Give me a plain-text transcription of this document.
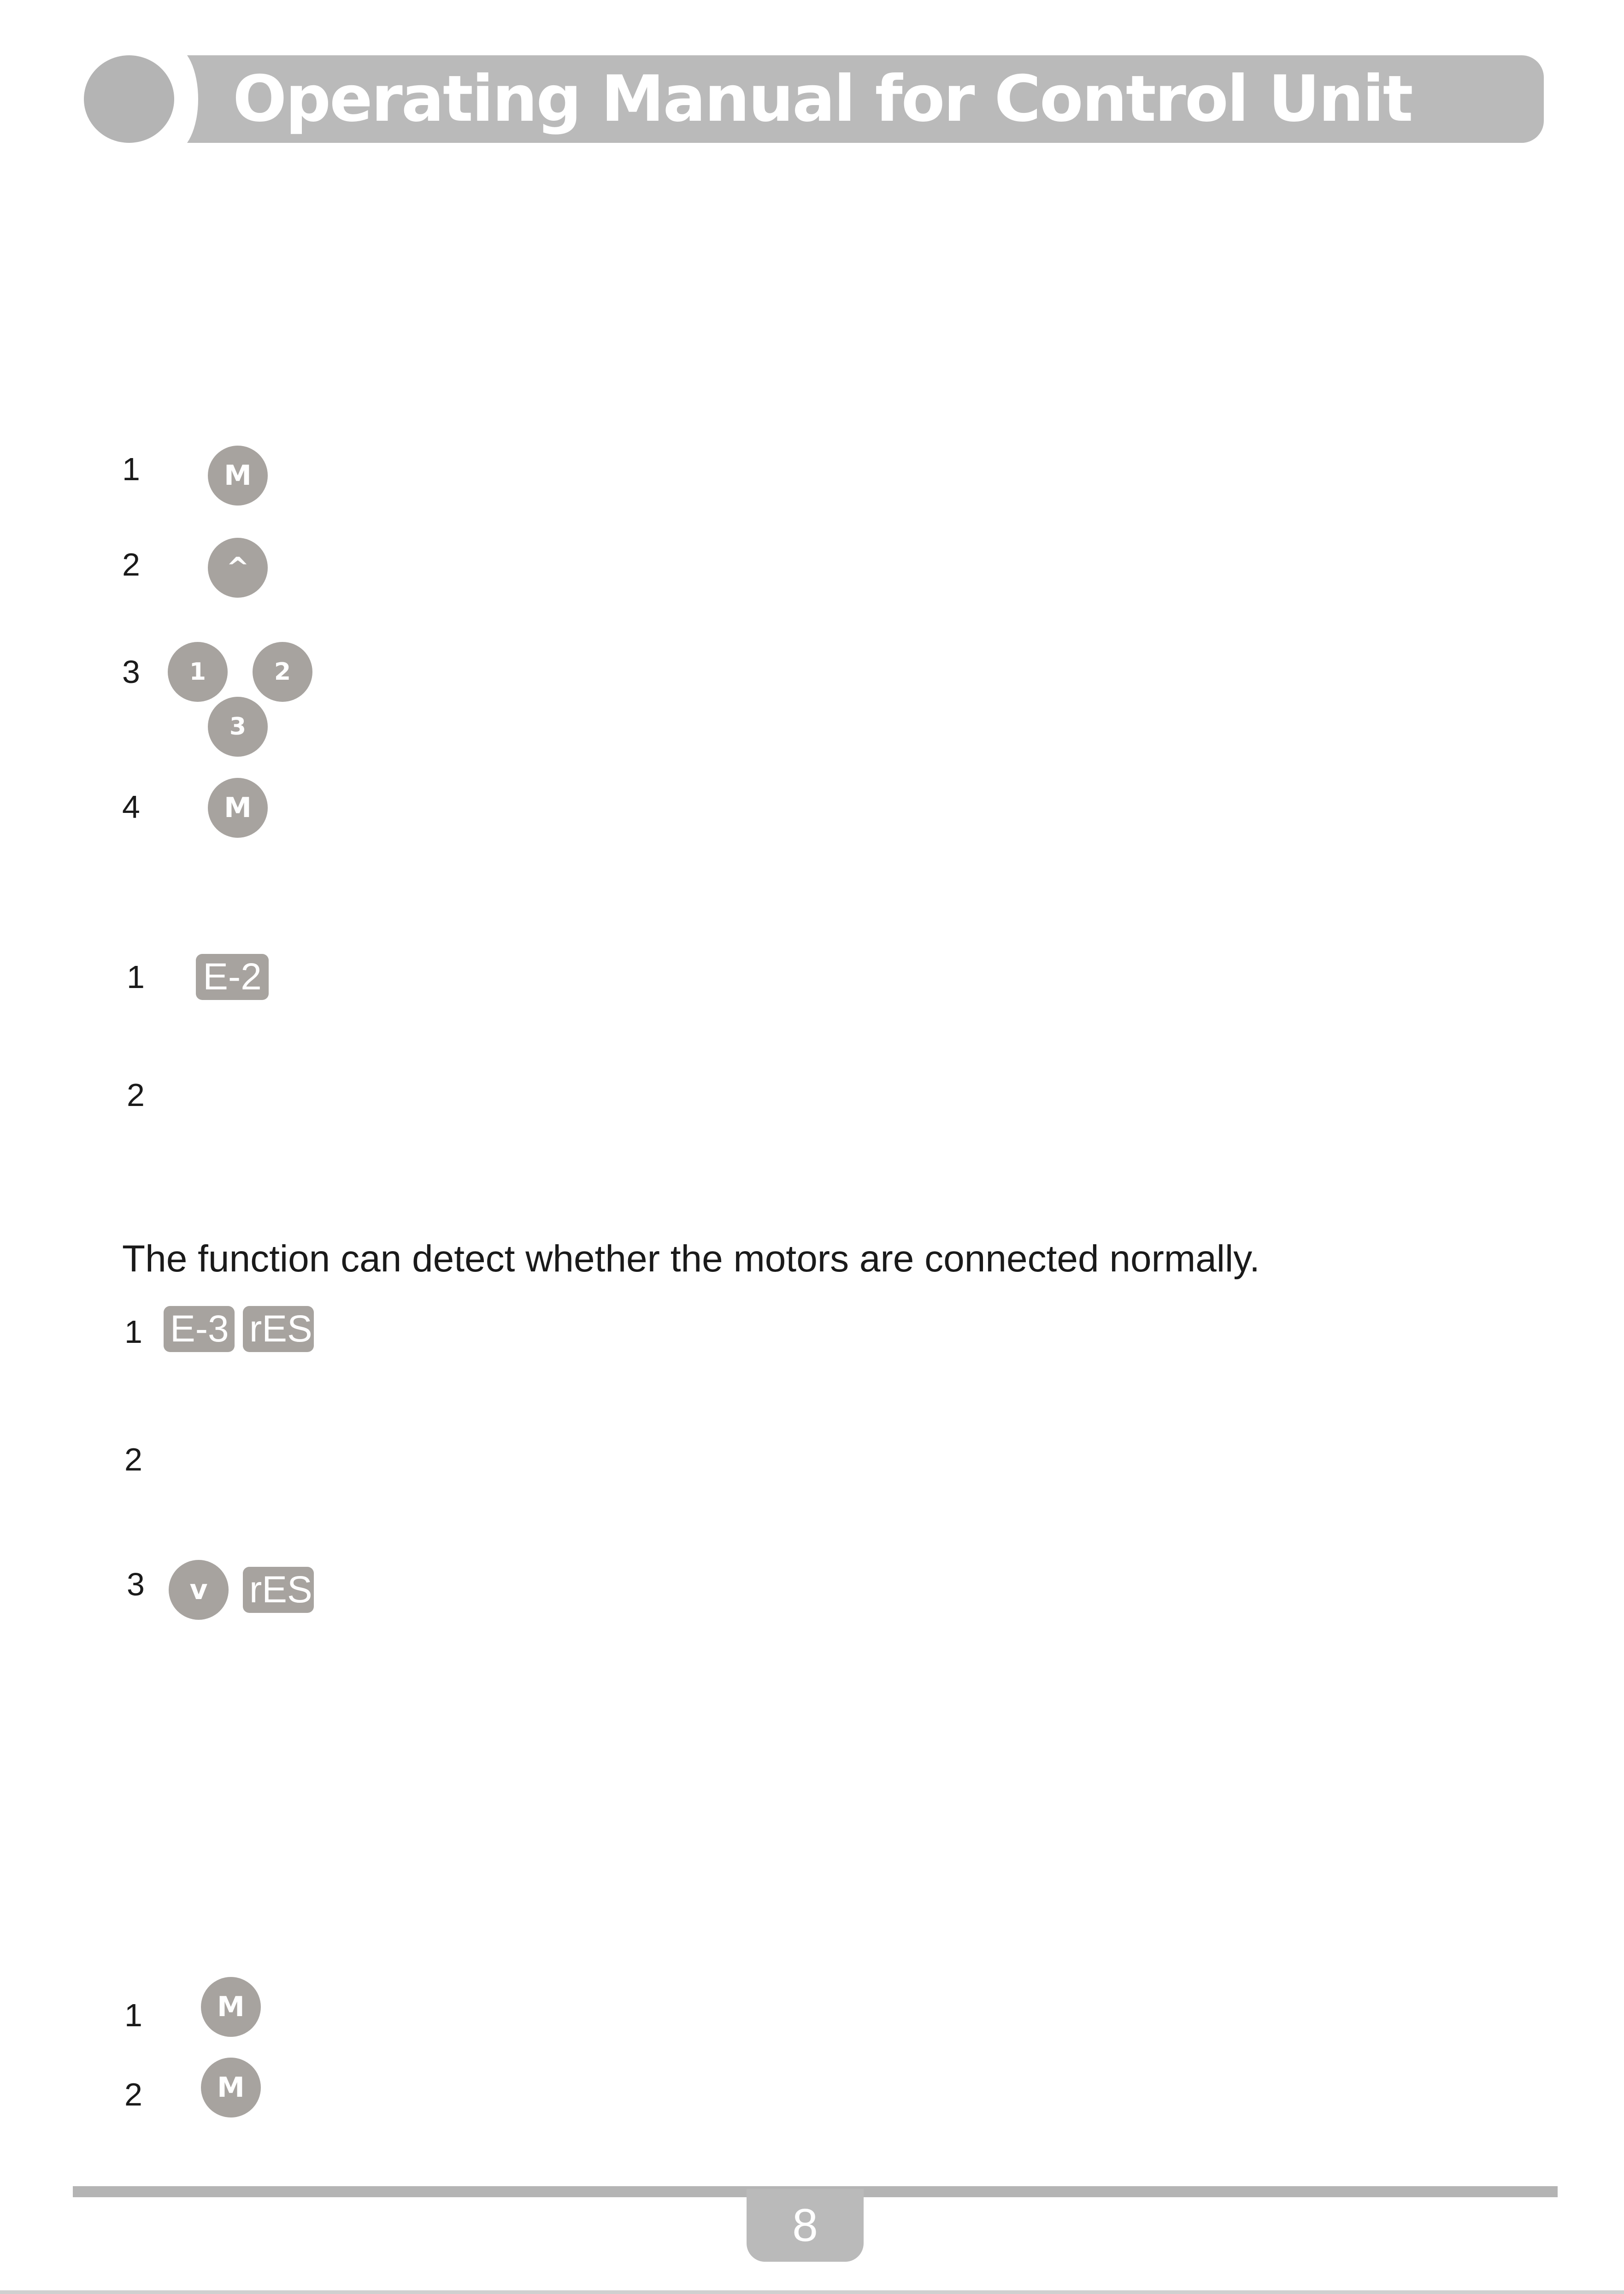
Operating Manual for Control Unit
1	M
2	^
3	1	2
3
4	M
1 E-2
2
The function can detect whether the motors are connected normally.
1 E-3 rES
2
3	v	rES
1	M
2	M
8
